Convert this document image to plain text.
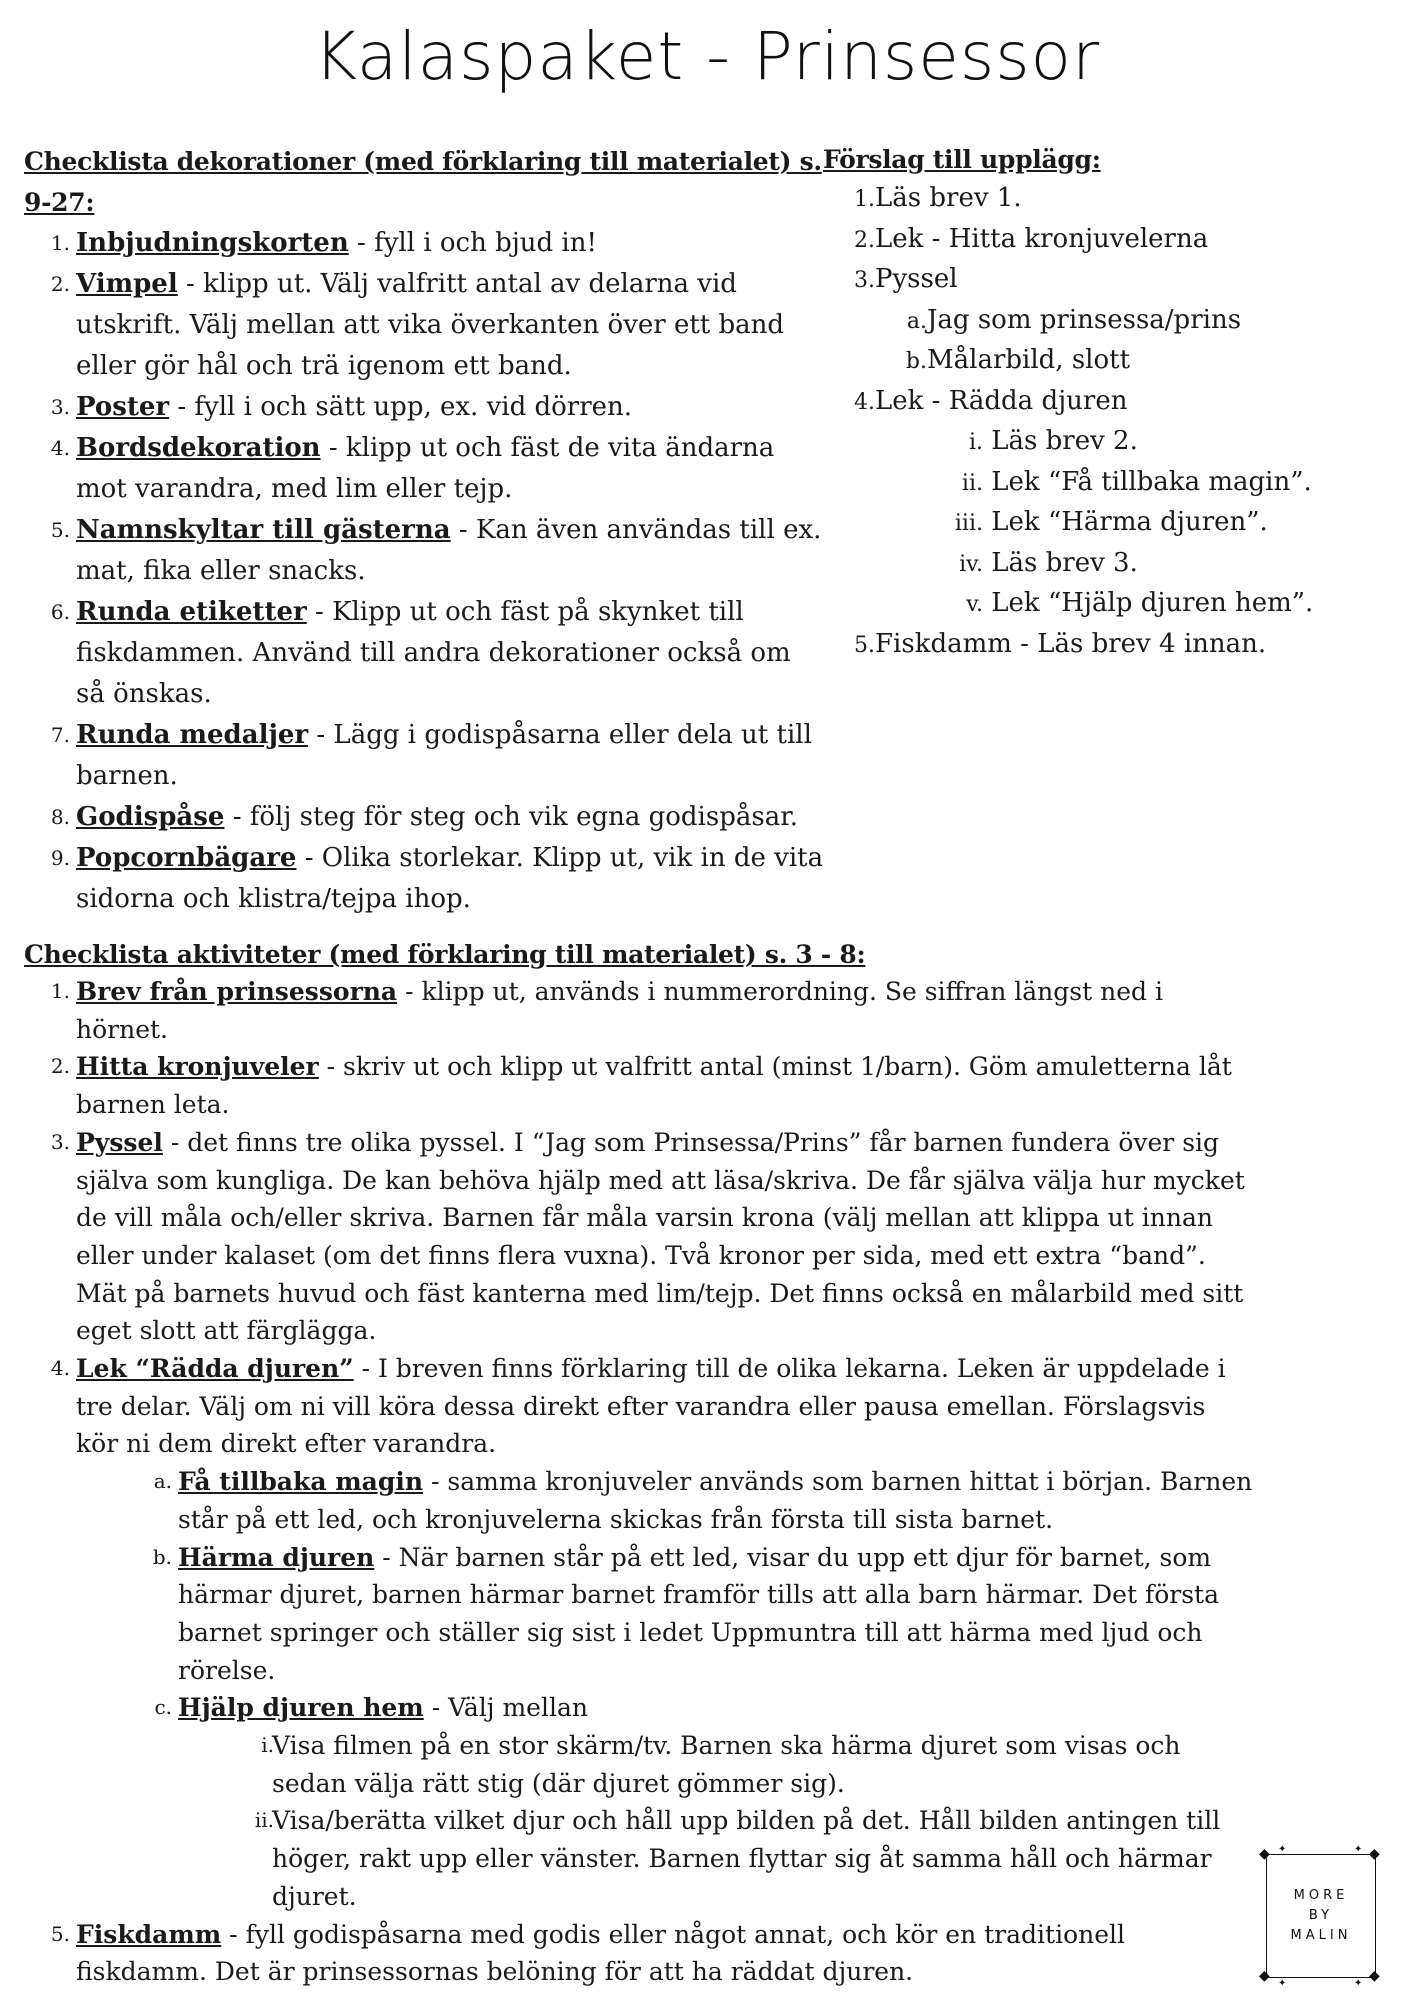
Kalaspaket - Prinsessor
Checklista dekorationer (med förklaring till materialet) s. 9-27:
1. Inbjudningskorten - fyll i och bjud in!
2. Vimpel - klipp ut. Välj valfritt antal av delarna vid utskrift. Välj mellan att vika överkanten över ett band eller gör hål och trä igenom ett band.
3. Poster - fyll i och sätt upp, ex. vid dörren.
4. Bordsdekoration - klipp ut och fäst de vita ändarna mot varandra, med lim eller tejp.
5. Namnskyltar till gästerna - Kan även användas till ex. mat, fika eller snacks.
6. Runda etiketter - Klipp ut och fäst på skynket till fiskdammen. Använd till andra dekorationer också om så önskas.
7. Runda medaljer - Lägg i godispåsarna eller dela ut till barnen.
8. Godispåse - följ steg för steg och vik egna godispåsar.
9. Popcornbägare - Olika storlekar. Klipp ut, vik in de vita sidorna och klistra/tejpa ihop.
Förslag till upplägg:
1.Läs brev 1.
2.Lek - Hitta kronjuvelerna
3.Pyssel
a.Jag som prinsessa/prins
b.Målarbild, slott
4.Lek - Rädda djuren
i. Läs brev 2.
ii. Lek “Få tillbaka magin”.
iii. Lek “Härma djuren”.
iv. Läs brev 3.
v. Lek “Hjälp djuren hem”.
5.Fiskdamm - Läs brev 4 innan.
Checklista aktiviteter (med förklaring till materialet) s. 3 - 8:
1. Brev från prinsessorna - klipp ut, används i nummerordning. Se siffran längst ned i hörnet.
2. Hitta kronjuveler - skriv ut och klipp ut valfritt antal (minst 1/barn). Göm amuletterna låt barnen leta.
3. Pyssel - det finns tre olika pyssel. I “Jag som Prinsessa/Prins” får barnen fundera över sig själva som kungliga. De kan behöva hjälp med att läsa/skriva. De får själva välja hur mycket de vill måla och/eller skriva. Barnen får måla varsin krona (välj mellan att klippa ut innan eller under kalaset (om det finns flera vuxna). Två kronor per sida, med ett extra “band”. Mät på barnets huvud och fäst kanterna med lim/tejp. Det finns också en målarbild med sitt eget slott att färglägga.
4. Lek “Rädda djuren” - I breven finns förklaring till de olika lekarna. Leken är uppdelade i tre delar. Välj om ni vill köra dessa direkt efter varandra eller pausa emellan. Förslagsvis kör ni dem direkt efter varandra.
a. Få tillbaka magin - samma kronjuveler används som barnen hittat i början. Barnen står på ett led, och kronjuvelerna skickas från första till sista barnet.
b. Härma djuren - När barnen står på ett led, visar du upp ett djur för barnet, som härmar djuret, barnen härmar barnet framför tills att alla barn härmar. Det första barnet springer och ställer sig sist i ledet Uppmuntra till att härma med ljud och rörelse.
c. Hjälp djuren hem - Välj mellan
i.
Visa filmen på en stor skärm/tv. Barnen ska härma djuret som visas och sedan välja rätt stig (där djuret gömmer sig).
ii.
Visa/berätta vilket djur och håll upp bilden på det. Håll bilden antingen till höger, rakt upp eller vänster. Barnen flyttar sig åt samma håll och härmar djuret.
5. Fiskdamm - fyll godispåsarna med godis eller något annat, och kör en traditionell fiskdamm. Det är prinsessornas belöning för att ha räddat djuren.
◆	◆
◆	◆
✦	✦
✦	✦
MORE
BY
MALIN
